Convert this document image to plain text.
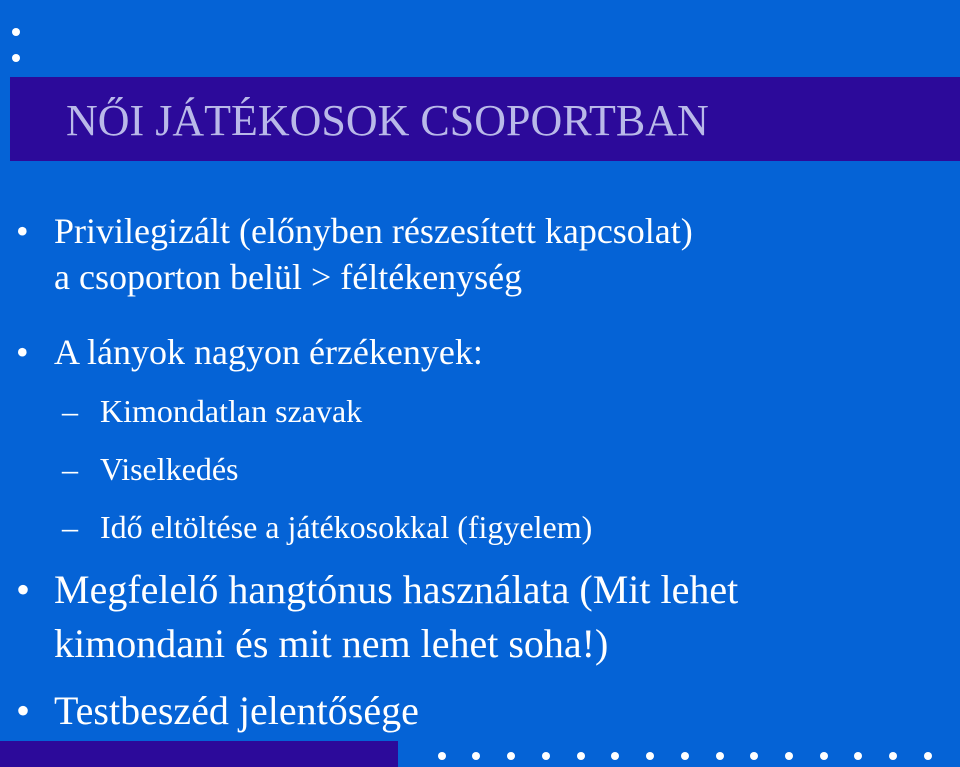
NŐI JÁTÉKOSOK CSOPORTBAN
• Privilegizált (előnyben részesített kapcsolat)
a csoporton belül > féltékenység
• A lányok nagyon érzékenyek:
– Kimondatlan szavak
– Viselkedés
– Idő eltöltése a játékosokkal (figyelem)
• Megfelelő hangtónus használata (Mit lehet
kimondani és mit nem lehet soha!)
• Testbeszéd jelentősége
